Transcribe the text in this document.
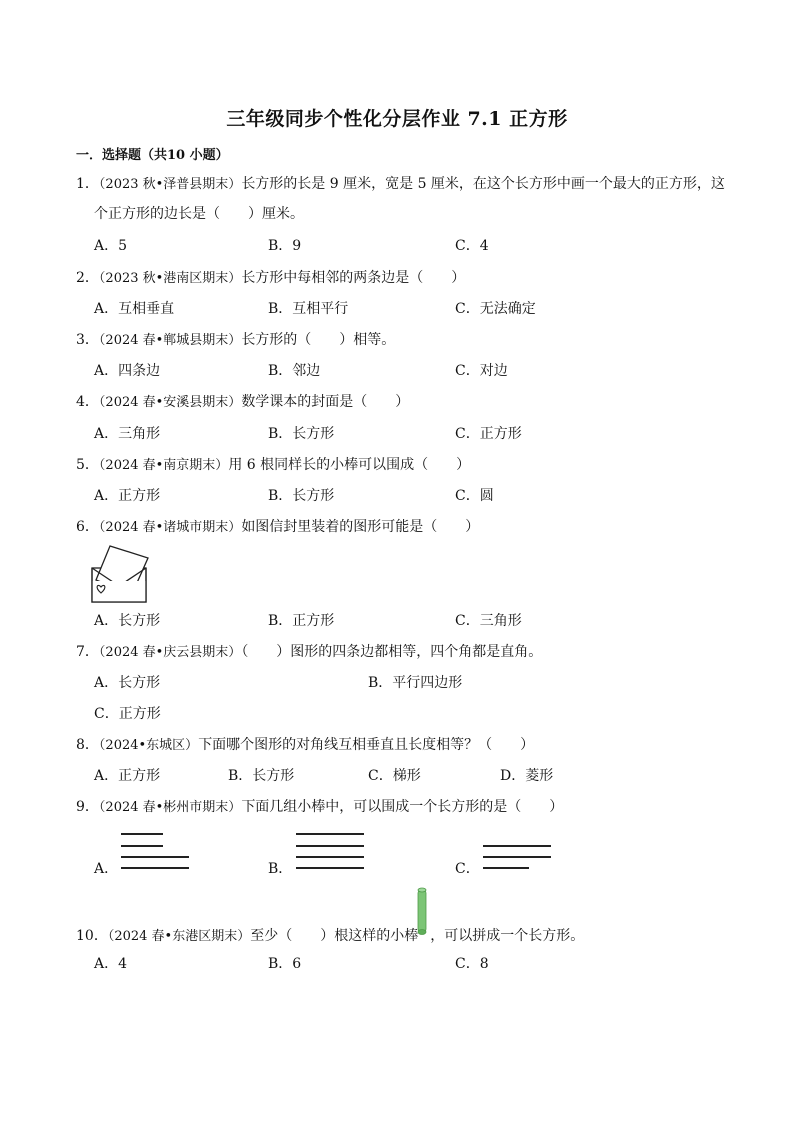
三年级同步个性化分层作业 7.1 正方形
一．选择题（共10 小题）
1．（2023 秋•泽普县期末）长方形的长是 9 厘米，宽是 5 厘米，在这个长方形中画一个最大的正方形，这
个正方形的边长是（　　）厘米。
A．5	B．9	C．4
2．（2023 秋•港南区期末）长方形中每相邻的两条边是（　　）
A．互相垂直	B．互相平行	C．无法确定
3．（2024 春•郸城县期末）长方形的（　　）相等。
A．四条边	B．邻边	C．对边
4．（2024 春•安溪县期末）数学课本的封面是（　　）
A．三角形	B．长方形	C．正方形
5．（2024 春•南京期末）用 6 根同样长的小棒可以围成（　　）
A．正方形	B．长方形	C．圆
6．（2024 春•诸城市期末）如图信封里装着的图形可能是（　　）
A．长方形	B．正方形	C．三角形
7．（2024 春•庆云县期末）（　　）图形的四条边都相等，四个角都是直角。
A．长方形	B．平行四边形
C．正方形
8．（2024•东城区）下面哪个图形的对角线互相垂直且长度相等？（　　）
A．正方形	B．长方形	C．梯形	D．菱形
9．（2024 春•彬州市期末）下面几组小棒中，可以围成一个长方形的是（　　）
A．	B．	C．
10．（2024 春•东港区期末）至少（　　）根这样的小棒 ，可以拼成一个长方形。
A．4	B．6	C．8
